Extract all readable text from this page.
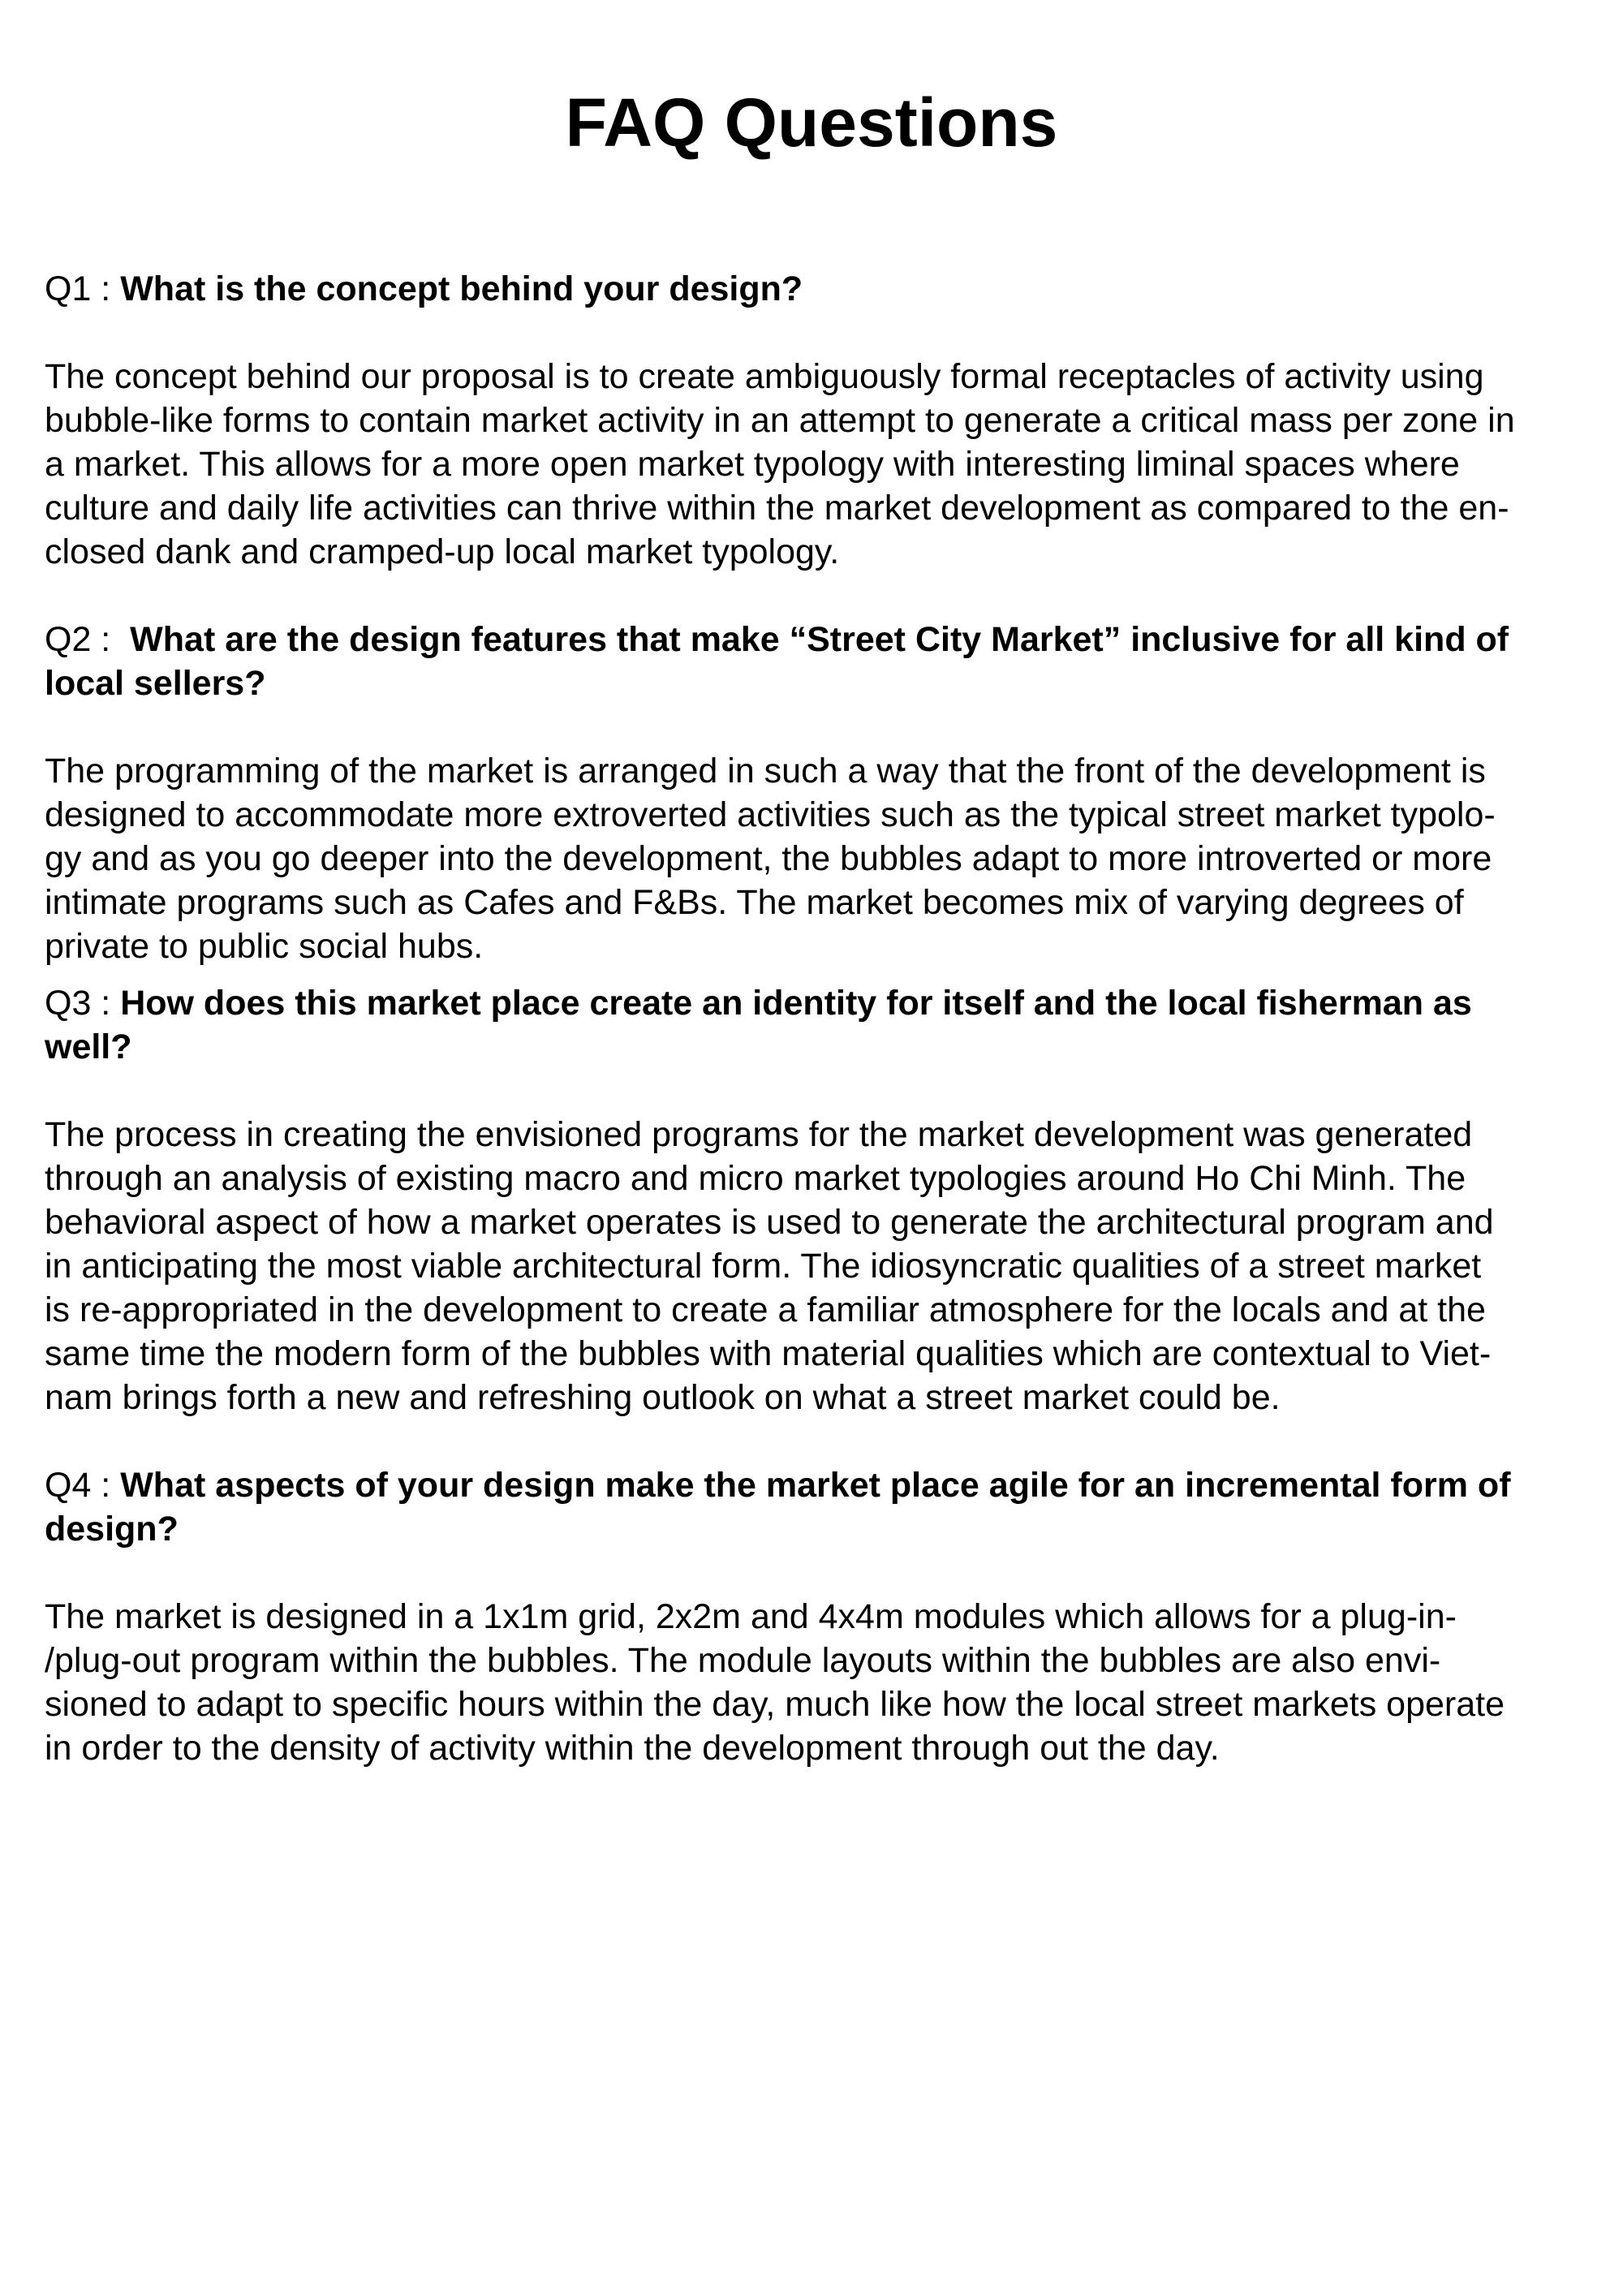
FAQ Questions

Q1 : What is the concept behind your design?

The concept behind our proposal is to create ambiguously formal receptacles of activity using

bubble-like forms to contain market activity in an attempt to generate a critical mass per zone in

a market. This allows for a more open market typology with interesting liminal spaces where

culture and daily life activities can thrive within the market development as compared to the en-

closed dank and cramped-up local market typology.

Q2 : What are the design features that make “Street City Market” inclusive for all kind of

local sellers?

The programming of the market is arranged in such a way that the front of the development is

designed to accommodate more extroverted activities such as the typical street market typolo-

gy and as you go deeper into the development, the bubbles adapt to more introverted or more

intimate programs such as Cafes and F&Bs. The market becomes mix of varying degrees of

private to public social hubs.

Q3 : How does this market place create an identity for itself and the local fisherman as

well?

The process in creating the envisioned programs for the market development was generated

through an analysis of existing macro and micro market typologies around Ho Chi Minh. The

behavioral aspect of how a market operates is used to generate the architectural program and

in anticipating the most viable architectural form. The idiosyncratic qualities of a street market

is re-appropriated in the development to create a familiar atmosphere for the locals and at the

same time the modern form of the bubbles with material qualities which are contextual to Viet-

nam brings forth a new and refreshing outlook on what a street market could be.

Q4 : What aspects of your design make the market place agile for an incremental form of

design?

The market is designed in a 1x1m grid, 2x2m and 4x4m modules which allows for a plug-in-

/plug-out program within the bubbles. The module layouts within the bubbles are also envi-

sioned to adapt to specific hours within the day, much like how the local street markets operate

in order to the density of activity within the development through out the day.
